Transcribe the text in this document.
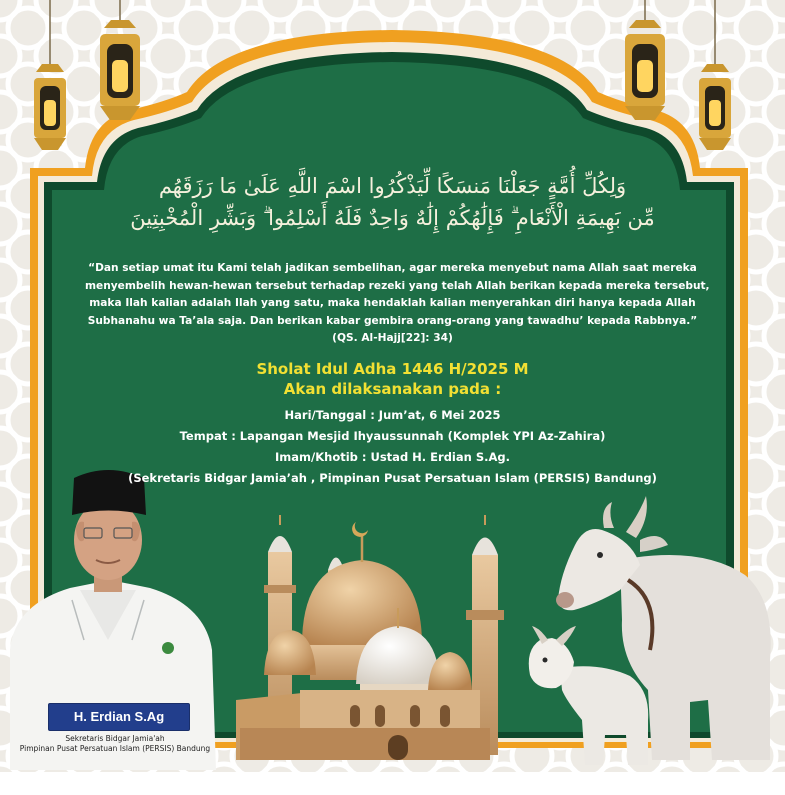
وَلِكُلِّ أُمَّةٍ جَعَلْنَا مَنسَكًا لِّيَذْكُرُوا اسْمَ اللَّهِ عَلَىٰ مَا رَزَقَهُم
مِّن بَهِيمَةِ الْأَنْعَامِ ۗ فَإِلَٰهُكُمْ إِلَٰهٌ وَاحِدٌ فَلَهُ أَسْلِمُوا ۗ وَبَشِّرِ الْمُخْبِتِينَ
“Dan setiap umat itu Kami telah jadikan sembelihan, agar mereka menyebut nama Allah saat mereka
menyembelih hewan-hewan tersebut terhadap rezeki yang telah Allah berikan kepada mereka tersebut,
maka Ilah kalian adalah Ilah yang satu, maka hendaklah kalian menyerahkan diri hanya kepada Allah
Subhanahu wa Ta’ala saja. Dan berikan kabar gembira orang-orang yang tawadhu’ kepada Rabbnya.”
(QS. Al-Hajj[22]: 34)
Sholat Idul Adha 1446 H/2025 M
Akan dilaksanakan pada :
Hari/Tanggal : Jum’at, 6 Mei 2025
Tempat : Lapangan Mesjid Ihyaussunnah (Komplek YPI Az-Zahira)
Imam/Khotib : Ustad H. Erdian S.Ag.
(Sekretaris Bidgar Jamia’ah , Pimpinan Pusat Persatuan Islam (PERSIS) Bandung)
H. Erdian S.Ag
Sekretaris Bidgar Jamia'ah
Pimpinan Pusat Persatuan Islam (PERSIS) Bandung
